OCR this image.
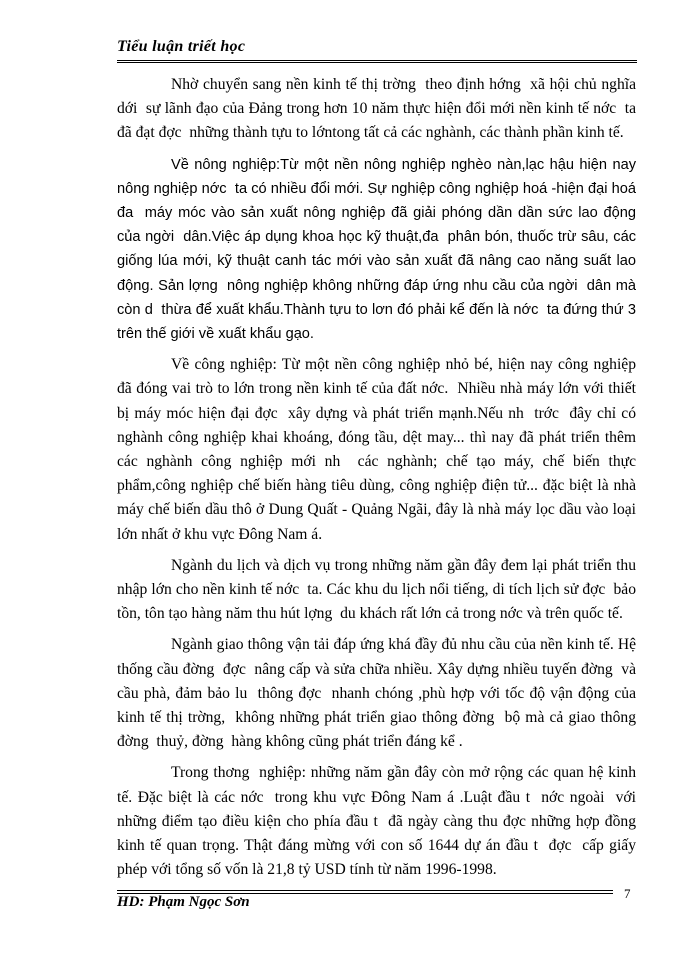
Tiểu luận triết học

Nhờ chuyển sang nền kinh tế thị trờng  theo định hớng  xã hội chủ nghĩa dới  sự lãnh đạo của Đảng trong hơn 10 năm thực hiện đổi mới nền kinh tế nớc  ta đã đạt đợc  những thành tựu to lớntong tất cả các nghành, các thành phần kinh tế.

Về nông nghiệp:Từ một nền nông nghiệp nghèo nàn,lạc hậu hiện nay nông nghiệp nớc  ta có nhiều đổi mới. Sự nghiệp công nghiệp hoá -hiện đại hoá đa  máy móc vào sản xuất nông nghiệp đã giải phóng dần dần sức lao động của ngời  dân.Việc áp dụng khoa học kỹ thuật,đa  phân bón, thuốc trừ sâu, các giống lúa mới, kỹ thuật canh tác mới vào sản xuất đã nâng cao năng suất lao động. Sản lợng  nông nghiệp không những đáp ứng nhu cầu của ngời  dân mà còn d  thừa để xuất khẩu.Thành tựu to lơn đó phải kể đến là nớc  ta đứng thứ 3 trên thế giới về xuất khẩu gạo.

Về công nghiệp: Từ một nền công nghiệp nhỏ bé, hiện nay công nghiệp đã đóng vai trò to lớn trong nền kinh tế của đất nớc.  Nhiều nhà máy lớn với thiết bị máy móc hiện đại đợc  xây dựng và phát triển mạnh.Nếu nh  trớc  đây chỉ có nghành công nghiệp khai khoáng, đóng tầu, dệt may... thì nay đã phát triển thêm các nghành công nghiệp mới nh  các nghành; chế tạo máy, chế biến thực phẩm,công nghiệp chế biến hàng tiêu dùng, công nghiệp điện tử... đặc biệt là nhà máy chế biến dầu thô ở Dung Quất - Quảng Ngãi, đây là nhà máy lọc dầu vào loại lớn nhất ở khu vực Đông Nam á.

Ngành du lịch và dịch vụ trong những năm gần đây đem lại phát triển thu nhập lớn cho nền kinh tế nớc  ta. Các khu du lịch nổi tiếng, di tích lịch sử đợc  bảo tồn, tôn tạo hàng năm thu hút lợng  du khách rất lớn cả trong nớc và trên quốc tế.

Ngành giao thông vận tải đáp ứng khá đầy đủ nhu cầu của nền kinh tế. Hệ thống cầu đờng  đợc  nâng cấp và sửa chữa nhiều. Xây dựng nhiều tuyến đờng  và cầu phà, đảm bảo lu  thông đợc  nhanh chóng ,phù hợp với tốc độ vận động của kinh tế thị trờng,  không những phát triển giao thông đờng  bộ mà cả giao thông đờng  thuỷ, đờng  hàng không cũng phát triển đáng kể .

Trong thơng  nghiệp: những năm gần đây còn mở rộng các quan hệ kinh tế. Đặc biệt là các nớc  trong khu vực Đông Nam á .Luật đầu t  nớc ngoài  với những điểm tạo điều kiện cho phía đầu t  đã ngày càng thu đợc những hợp đồng kinh tế quan trọng. Thật đáng mừng với con số 1644 dự án đầu t  đợc  cấp giấy phép với tổng số vốn là 21,8 tỷ USD tính từ năm 1996-1998.

HD: Phạm Ngọc Sơn
7
